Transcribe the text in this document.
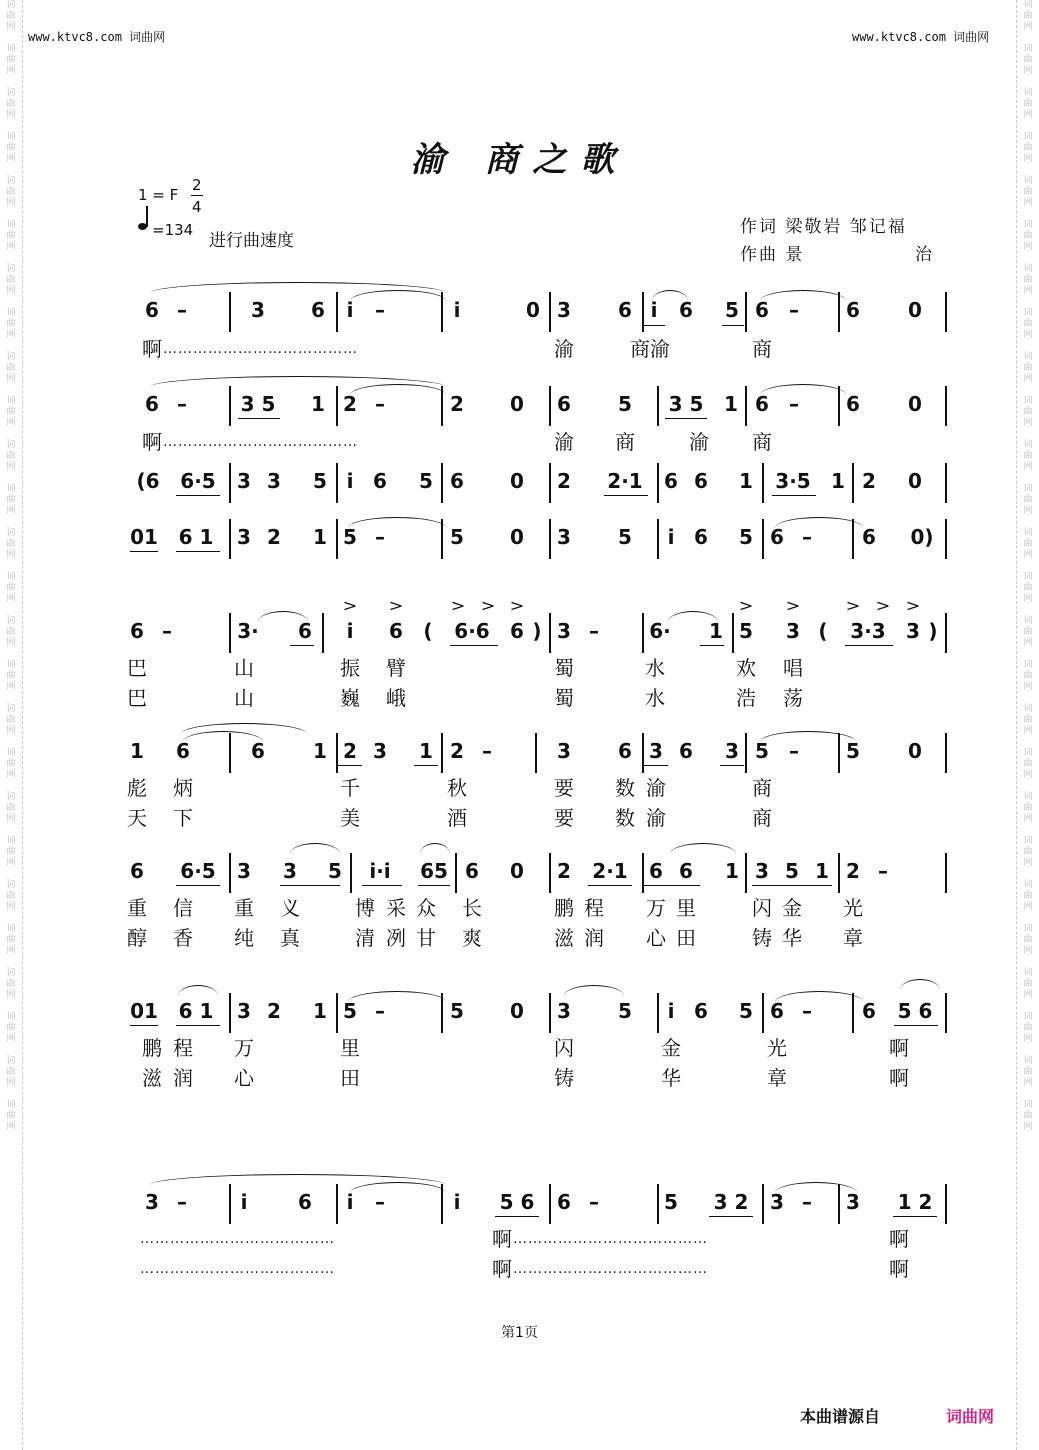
词
曲
网

词
曲
网

词
曲
网

词
曲
网

词
曲
网

词
曲
网

词
曲
网

词
曲
网

词
曲
网

词
曲
网

词
曲
网

词
曲
网

词
曲
网

词
曲
网

词
曲
网

词
曲
网

词
曲
网

词
曲
网

词
曲
网

词
曲
网

词
曲
网

词
曲
网

词
曲
网

词
曲
网

词
曲
网

词
曲
网

词
曲
网

词
曲
网

词
曲
网

词
曲
网

词
曲
网

词
曲
网

词
曲
网

词
曲
网

词
曲
网

词
曲
网

词
曲
网

词
曲
网

词
曲
网

词
曲
网

词
曲
网

词
曲
网

词
曲
网

词
曲
网

词
曲
网

词
曲
网

词
曲
网

词
曲
网

词
曲
网

词
曲
网

词
曲
网

词
曲
网

www.ktvc8.com 词曲网	www.ktvc8.com 词曲网
渝 商之歌
1 = F
2
4
=134
进行曲速度
作词 梁敬岩 邹记福
作曲 景	治
6 –	3 6 i –	i	0 3 6 i 6 5 6 – 6 0
啊 …………………………………	渝	商渝	商
6 –	3 5 1 2 –	2 0 6 5 3 5 1 6 – 6 0
啊 …………………………………	渝 商	渝 商
(6 6·5 3 3 5 i 6 5 6 0 2 2·1 6 6 1 3·5 1 2 0
01 6 1 3 2 1 5 –	5 0 3 5 i 6 5 6 –	6 0)
> >	> > >	> >	> > >
6 –	3· 6 i 6 ( 6·6 6 ) 3 –	6· 1 5 3 ( 3·3 3 )
巴	山	振 臂	蜀	水	欢 唱
巴	山	巍 峨	蜀	水	浩 荡
1 6	6 1 2 3 1 2 –	3 6 3 6 3 5 – 5 0
彪 炳	千	秋	要 数 渝	商
天 下	美	酒	要 数 渝	商
6 6·5 3 3 5 i·i 65 6 0 2 2·1 6 6 1 3 5 1 2 –
重 信 重 义	博 采 众 长	鹏 程 万 里	闪 金 光
醇 香 纯 真	清 冽 甘 爽	滋 润 心 田	铸 华 章
01 6 1 3 2 1 5 –	5 0 3 5 i 6 5 6 –	6 5 6
鹏 程 万	里	闪	金	光	啊
滋 润 心	田	铸	华	章	啊
3 –	i	6 i –	i 5 6 6 –	5 3 2 3 – 3 1 2
…………………………………	啊 …………………………………	啊
…………………………………	啊 …………………………………	啊
第1页
本曲谱源自	词曲网
